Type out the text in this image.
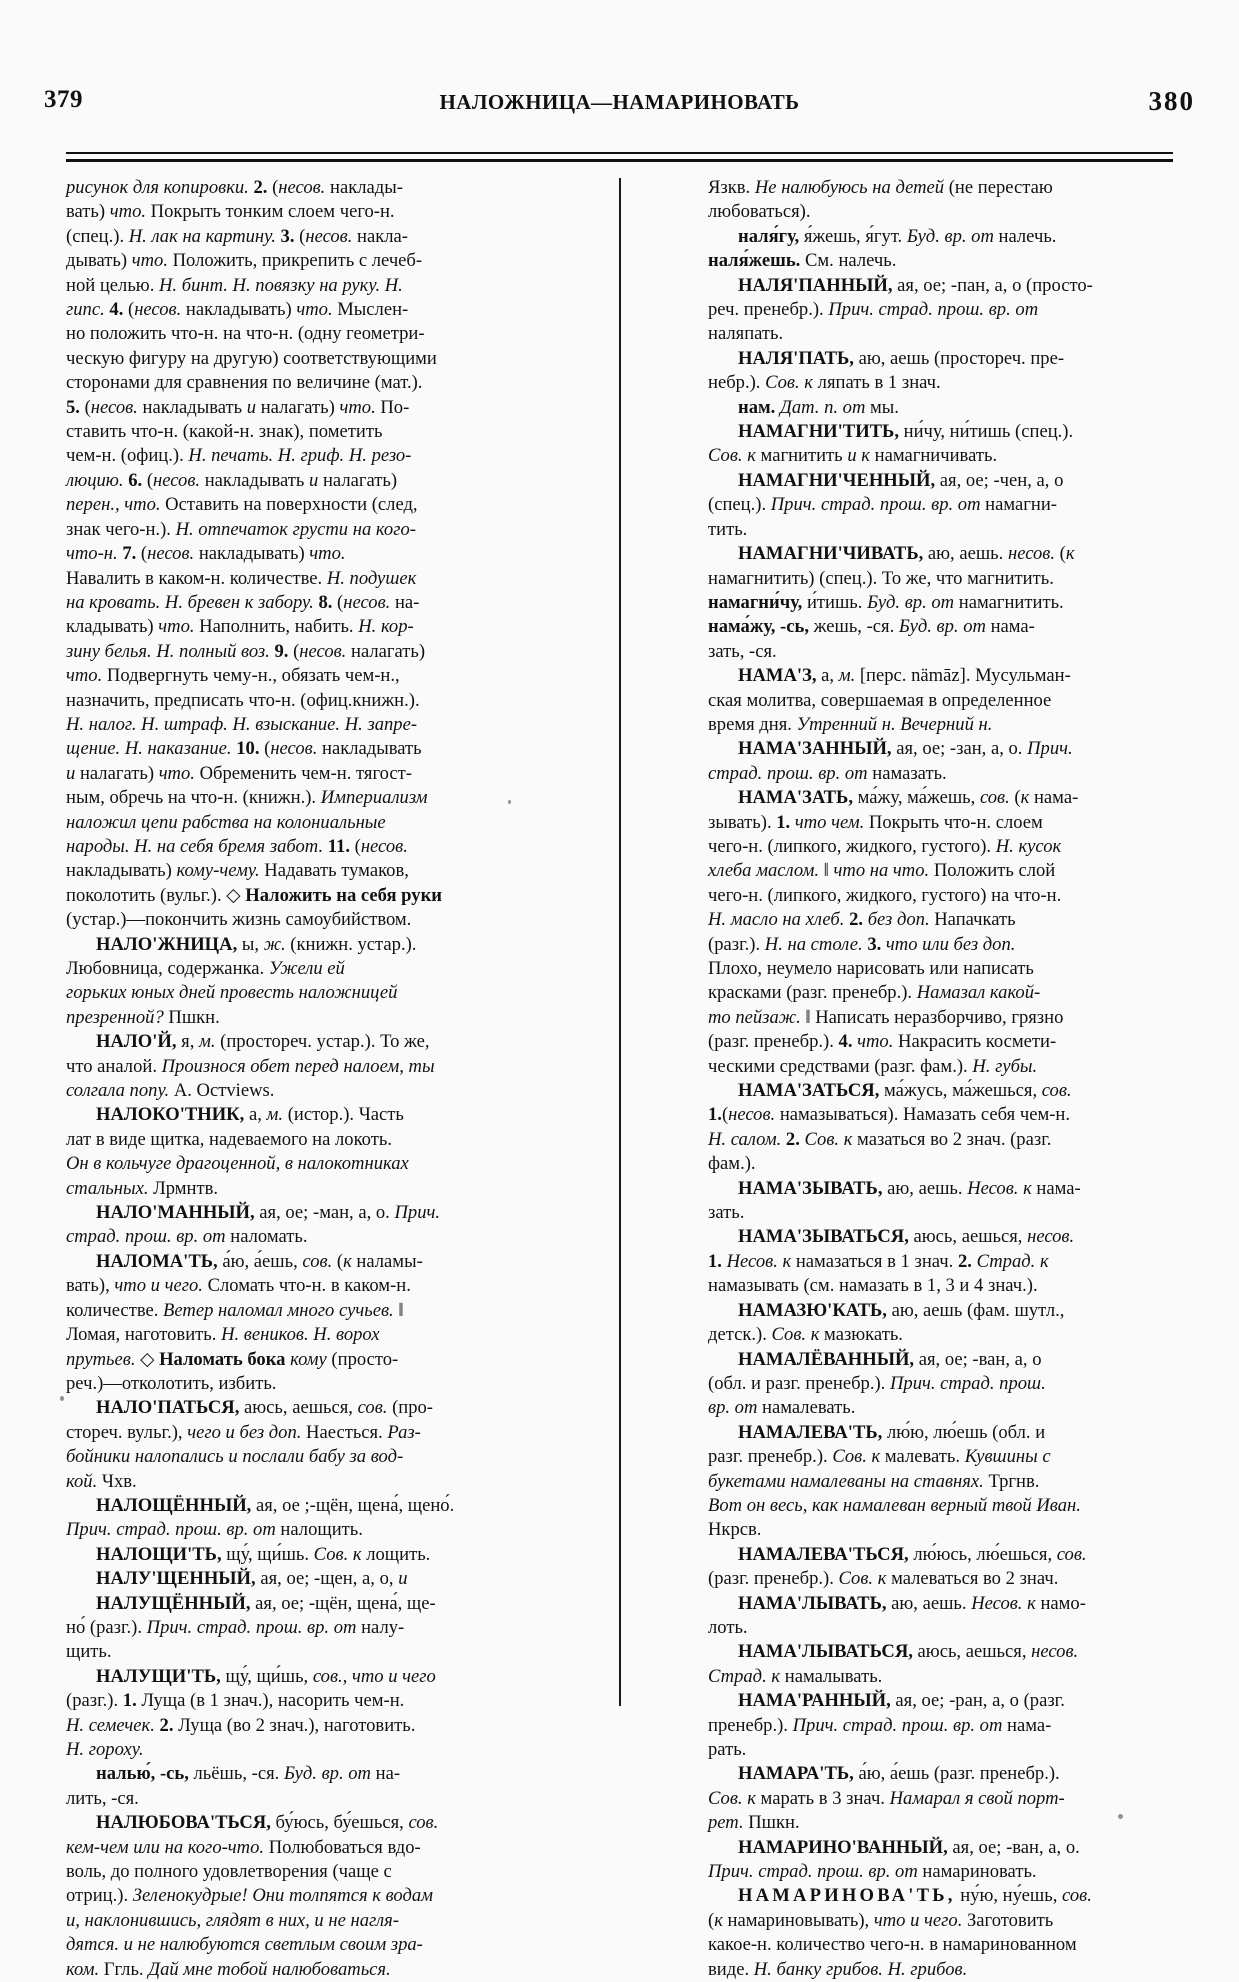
379	НАЛОЖНИЦА—НАМАРИНОВАТЬ	380

рисунок для копировки. 2. (несов. наклады-

вать) что. Покрыть тонким слоем чего-н.

(спец.). Н. лак на картину. 3. (несов. накла-

дывать) что. Положить, прикрепить с лечеб-

ной целью. Н. бинт. Н. повязку на руку. Н.

гипс. 4. (несов. накладывать) что. Мыслен-

но положить что-н. на что-н. (одну геометри-

ческую фигуру на другую) соответствующими

сторонами для сравнения по величине (мат.).

5. (несов. накладывать и налагать) что. По-

ставить что-н. (какой-н. знак), пометить

чем-н. (офиц.). Н. печать. Н. гриф. Н. резо-

люцию. 6. (несов. накладывать и налагать)

перен., что. Оставить на поверхности (след,

знак чего-н.). Н. отпечаток грусти на кого-

что-н. 7. (несов. накладывать) что.

Навалить в каком-н. количестве. Н. подушек

на кровать. Н. бревен к забору. 8. (несов. на-

кладывать) что. Наполнить, набить. Н. кор-

зину белья. Н. полный воз. 9. (несов. налагать)

что. Подвергнуть чему-н., обязать чем-н.,

назначить, предписать что-н. (офиц.книжн.).

Н. налог. Н. штраф. Н. взыскание. Н. запре-

щение. Н. наказание. 10. (несов. накладывать

и налагать) что. Обременить чем-н. тягост-

ным, обречь на что-н. (книжн.). Империализм

наложил цепи рабства на колониальные

народы. Н. на себя бремя забот. 11. (несов.

накладывать) кому-чему. Надавать тумаков,

поколотить (вульг.). ◇ Наложить на себя руки

(устар.)—покончить жизнь самоубийством.

НАЛО'ЖНИЦА, ы, ж. (книжн. устар.).

Любовница, содержанка. Ужели ей

горьких юных дней провесть наложницей

презренной? Пшкн.

НАЛО'Й, я, м. (простореч. устар.). То же,

что аналой. Произнося обет перед налоем, ты

солгала попу. А. Остviews.

НАЛОКО'ТНИК, а, м. (истор.). Часть

лат в виде щитка, надеваемого на локоть.

Он в кольчуге драгоценной, в налокотниках

стальных. Лрмнтв.

НАЛО'МАННЫЙ, ая, ое; -ман, а, о. Прич.

страд. прош. вр. от наломать.

НАЛОМА'ТЬ, а́ю, а́ешь, сов. (к наламы-

вать), что и чего. Сломать что-н. в каком-н.

количестве. Ветер наломал много сучьев. ‖

Ломая, наготовить. Н. веников. Н. ворох

прутьев. ◇ Наломать бока кому (просто-

реч.)—отколотить, избить.

НАЛО'ПАТЬСЯ, аюсь, аешься, сов. (про-

стореч. вульг.), чего и без доп. Наесться. Раз-

бойники налопались и послали бабу за вод-

кой. Чхв.

НАЛОЩЁННЫЙ, ая, ое ;-щён, щена́, щено́.

Прич. страд. прош. вр. от налощить.

НАЛОЩИ'ТЬ, щу́, щи́шь. Сов. к лощить.

НАЛУ'ЩЕННЫЙ, ая, ое; -щен, а, о, и

НАЛУЩЁННЫЙ, ая, ое; -щён, щена́, ще-

но́ (разг.). Прич. страд. прош. вр. от налу-

щить.

НАЛУЩИ'ТЬ, щу́, щи́шь, сов., что и чего

(разг.). 1. Луща (в 1 знач.), насорить чем-н.

Н. семечек. 2. Луща (во 2 знач.), наготовить.

Н. гороху.

налью́, -сь, льёшь, -ся. Буд. вр. от на-

лить, -ся.

НАЛЮБОВА'ТЬСЯ, бу́юсь, бу́ешься, сов.

кем-чем или на кого-что. Полюбоваться вдо-

воль, до полного удовлетворения (чаще с

отриц.). Зеленокудрые! Они толпятся к водам

и, наклонившись, глядят в них, и не нагля-

дятся. и не налюбуются светлым своим зра-

ком. Ггль. Дай мне тобой налюбоваться.

Язкв. Не налюбуюсь на детей (не перестаю

любоваться).

наля́гу, я́жешь, я́гут. Буд. вр. от налечь.

наля́жешь. См. налечь.

НАЛЯ'ПАННЫЙ, ая, ое; -пан, а, о (просто-

реч. пренебр.). Прич. страд. прош. вр. от

наляпать.

НАЛЯ'ПАТЬ, аю, аешь (простореч. пре-

небр.). Сов. к ляпать в 1 знач.

нам. Дат. п. от мы.

НАМАГНИ'ТИТЬ, ни́чу, ни́тишь (спец.).

Сов. к магнитить и к намагничивать.

НАМАГНИ'ЧЕННЫЙ, ая, ое; -чен, а, о

(спец.). Прич. страд. прош. вр. от намагни-

тить.

НАМАГНИ'ЧИВАТЬ, аю, аешь. несов. (к

намагнитить) (спец.). То же, что магнитить.

намагни́чу, и́тишь. Буд. вр. от намагнитить.

нама́жу, -сь, жешь, -ся. Буд. вр. от нама-

зать, -ся.

НАМА'З, а, м. [перс. nämāz]. Мусульман-

ская молитва, совершаемая в определенное

время дня. Утренний н. Вечерний н.

НАМА'ЗАННЫЙ, ая, ое; -зан, а, о. Прич.

страд. прош. вр. от намазать.

НАМА'ЗАТЬ, ма́жу, ма́жешь, сов. (к нама-

зывать). 1. что чем. Покрыть что-н. слоем

чего-н. (липкого, жидкого, густого). Н. кусок

хлеба маслом. ‖ что на что. Положить слой

чего-н. (липкого, жидкого, густого) на что-н.

Н. масло на хлеб. 2. без доп. Напачкать

(разг.). Н. на столе. 3. что или без доп.

Плохо, неумело нарисовать или написать

красками (разг. пренебр.). Намазал какой-

то пейзаж. ‖ Написать неразборчиво, грязно

(разг. пренебр.). 4. что. Накрасить космети-

ческими средствами (разг. фам.). Н. губы.

НАМА'ЗАТЬСЯ, ма́жусь, ма́жешься, сов.

1.(несов. намазываться). Намазать себя чем-н.

Н. салом. 2. Сов. к мазаться во 2 знач. (разг.

фам.).

НАМА'ЗЫВАТЬ, аю, аешь. Несов. к нама-

зать.

НАМА'ЗЫВАТЬСЯ, аюсь, аешься, несов.

1. Несов. к намазаться в 1 знач. 2. Страд. к

намазывать (см. намазать в 1, 3 и 4 знач.).

НАМАЗЮ'КАТЬ, аю, аешь (фам. шутл.,

детск.). Сов. к мазюкать.

НАМАЛЁВАННЫЙ, ая, ое; -ван, а, о

(обл. и разг. пренебр.). Прич. страд. прош.

вр. от намалевать.

НАМАЛЕВА'ТЬ, лю́ю, лю́ешь (обл. и

разг. пренебр.). Сов. к малевать. Кувшины с

букетами намалеваны на ставнях. Тргнв.

Вот он весь, как намалеван верный твой Иван.

Нкрсв.

НАМАЛЕВА'ТЬСЯ, лю́юсь, лю́ешься, сов.

(разг. пренебр.). Сов. к малеваться во 2 знач.

НАМА'ЛЫВАТЬ, аю, аешь. Несов. к намо-

лоть.

НАМА'ЛЫВАТЬСЯ, аюсь, аешься, несов.

Страд. к намалывать.

НАМА'РАННЫЙ, ая, ое; -ран, а, о (разг.

пренебр.). Прич. страд. прош. вр. от нама-

рать.

НАМАРА'ТЬ, а́ю, а́ешь (разг. пренебр.).

Сов. к марать в 3 знач. Намарал я свой порт-

рет. Пшкн.

НАМАРИНО'ВАННЫЙ, ая, ое; -ван, а, о.

Прич. страд. прош. вр. от намариновать.

НАМАРИНОВА'ТЬ, ну́ю, ну́ешь, сов.

(к намариновывать), что и чего. Заготовить

какое-н. количество чего-н. в намаринованном

виде. Н. банку грибов. Н. грибов.
